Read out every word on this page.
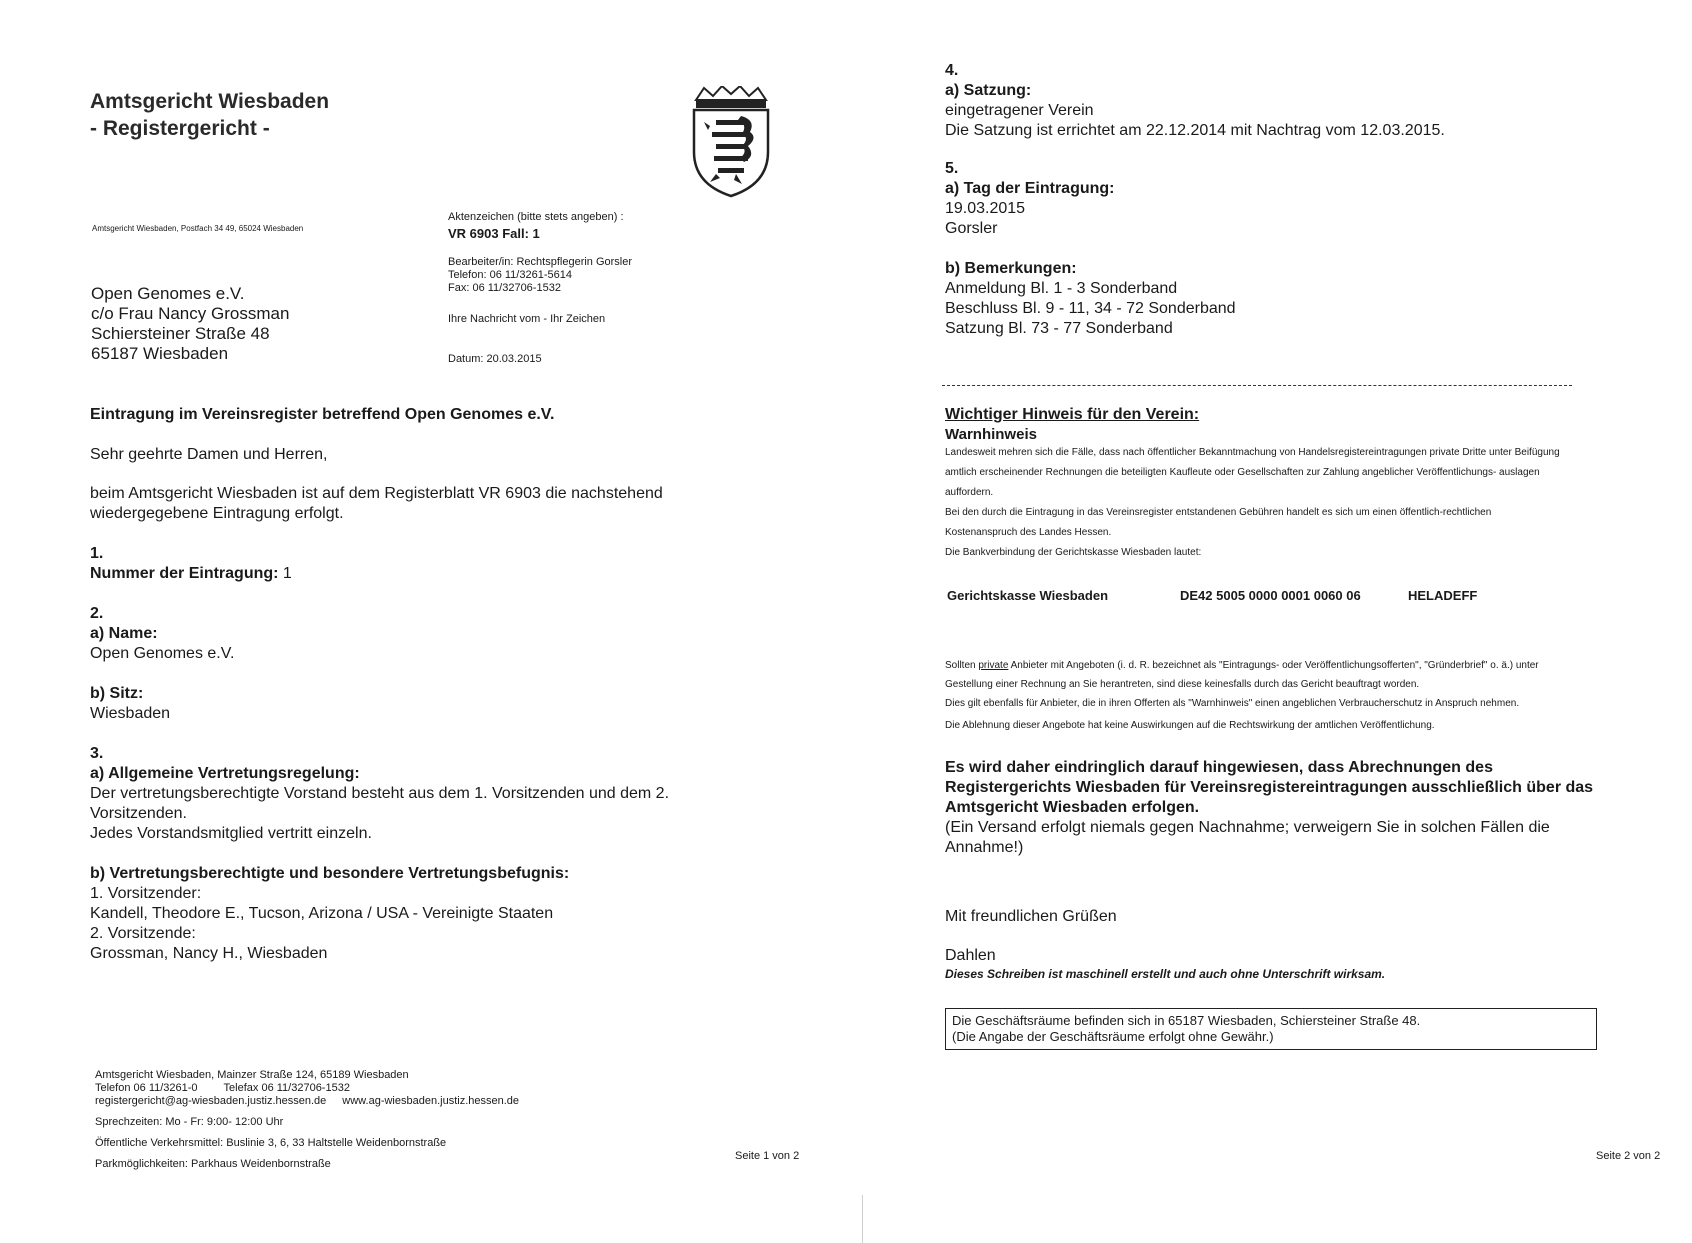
Amtsgericht Wiesbaden
- Registergericht -
Amtsgericht Wiesbaden, Postfach 34 49, 65024 Wiesbaden
Aktenzeichen (bitte stets angeben) :
VR 6903 Fall: 1
Bearbeiter/in: Rechtspflegerin Gorsler
Telefon: 06 11/3261-5614
Fax: 06 11/32706-1532
Ihre Nachricht vom - Ihr Zeichen
Datum: 20.03.2015
Open Genomes e.V.
c/o Frau Nancy Grossman
Schiersteiner Straße 48
65187 Wiesbaden
Eintragung im Vereinsregister betreffend Open Genomes e.V.
Sehr geehrte Damen und Herren,
beim Amtsgericht Wiesbaden ist auf dem Registerblatt VR 6903 die nachstehend
wiedergegebene Eintragung erfolgt.
1.
Nummer der Eintragung: 1
2.
a) Name:
Open Genomes e.V.
b) Sitz:
Wiesbaden
3.
a) Allgemeine Vertretungsregelung:
Der vertretungsberechtigte Vorstand besteht aus dem 1. Vorsitzenden und dem 2.
Vorsitzenden.
Jedes Vorstandsmitglied vertritt einzeln.
b) Vertretungsberechtigte und besondere Vertretungsbefugnis:
1. Vorsitzender:
Kandell, Theodore E., Tucson, Arizona / USA - Vereinigte Staaten
2. Vorsitzende:
Grossman, Nancy H., Wiesbaden
Amtsgericht Wiesbaden, Mainzer Straße 124, 65189 Wiesbaden
Telefon 06 11/3261-0 Telefax 06 11/32706-1532
registergericht@ag-wiesbaden.justiz.hessen.de www.ag-wiesbaden.justiz.hessen.de
Sprechzeiten: Mo - Fr: 9:00- 12:00 Uhr
Öffentliche Verkehrsmittel: Buslinie 3, 6, 33 Haltstelle Weidenbornstraße
Parkmöglichkeiten: Parkhaus Weidenbornstraße
Seite 1 von 2
4.
a) Satzung:
eingetragener Verein
Die Satzung ist errichtet am 22.12.2014 mit Nachtrag vom 12.03.2015.
5.
a) Tag der Eintragung:
19.03.2015
Gorsler
b) Bemerkungen:
Anmeldung Bl. 1 - 3 Sonderband
Beschluss Bl. 9 - 11, 34 - 72 Sonderband
Satzung Bl. 73 - 77 Sonderband
Wichtiger Hinweis für den Verein:
Warnhinweis
Landesweit mehren sich die Fälle, dass nach öffentlicher Bekanntmachung von Handelsregistereintragungen private Dritte unter Beifügung
amtlich erscheinender Rechnungen die beteiligten Kaufleute oder Gesellschaften zur Zahlung angeblicher Veröffentlichungs- auslagen
auffordern.
Bei den durch die Eintragung in das Vereinsregister entstandenen Gebühren handelt es sich um einen öffentlich-rechtlichen
Kostenanspruch des Landes Hessen.
Die Bankverbindung der Gerichtskasse Wiesbaden lautet:
Gerichtskasse Wiesbaden	DE42 5005 0000 0001 0060 06	HELADEFF
Sollten private Anbieter mit Angeboten (i. d. R. bezeichnet als "Eintragungs- oder Veröffentlichungsofferten", "Gründerbrief" o. ä.) unter
Gestellung einer Rechnung an Sie herantreten, sind diese keinesfalls durch das Gericht beauftragt worden.
Dies gilt ebenfalls für Anbieter, die in ihren Offerten als "Warnhinweis" einen angeblichen Verbraucherschutz in Anspruch nehmen.
Die Ablehnung dieser Angebote hat keine Auswirkungen auf die Rechtswirkung der amtlichen Veröffentlichung.
Es wird daher eindringlich darauf hingewiesen, dass Abrechnungen des
Registergerichts Wiesbaden für Vereinsregistereintragungen ausschließlich über das
Amtsgericht Wiesbaden erfolgen.
(Ein Versand erfolgt niemals gegen Nachnahme; verweigern Sie in solchen Fällen die
Annahme!)
Mit freundlichen Grüßen
Dahlen
Dieses Schreiben ist maschinell erstellt und auch ohne Unterschrift wirksam.
Die Geschäftsräume befinden sich in 65187 Wiesbaden, Schiersteiner Straße 48.
(Die Angabe der Geschäftsräume erfolgt ohne Gewähr.)
Seite 2 von 2
